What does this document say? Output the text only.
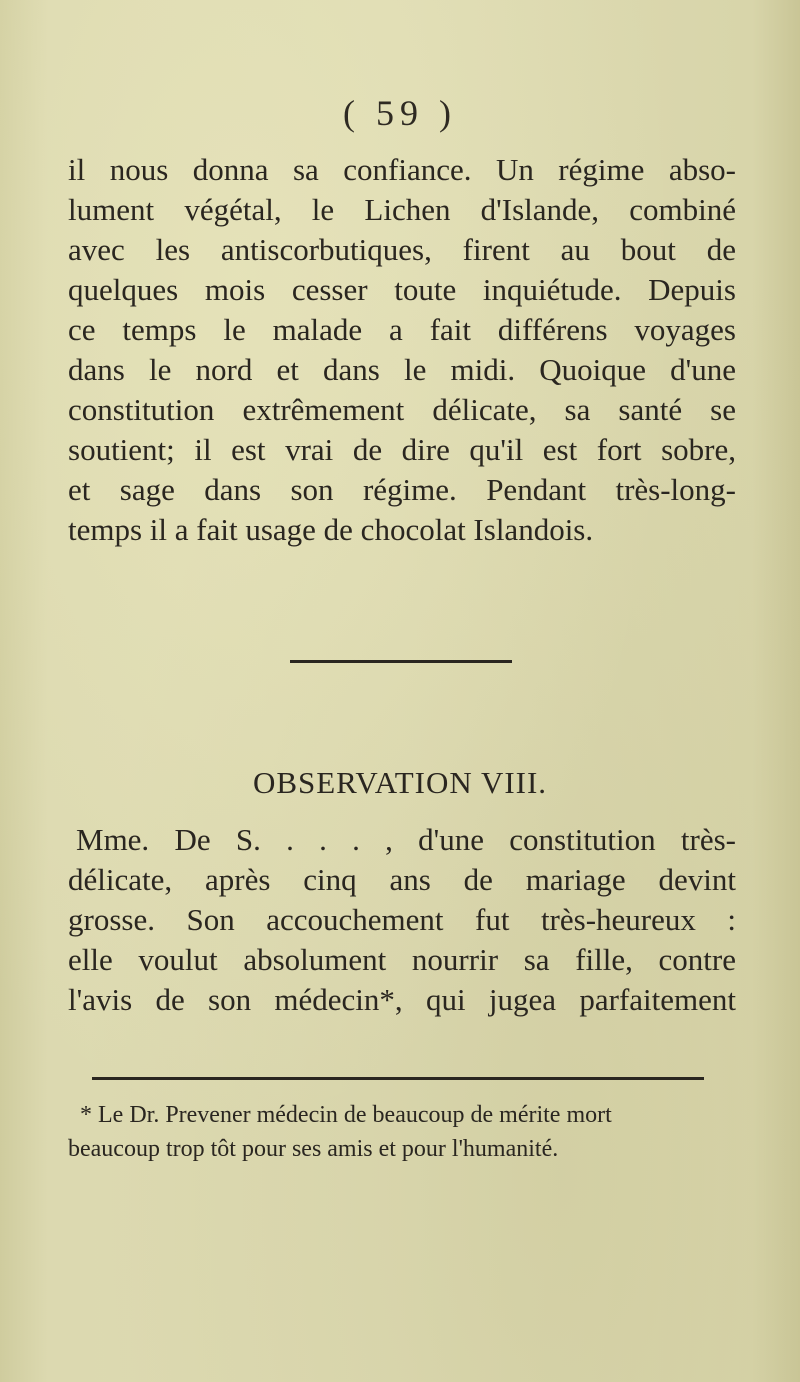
( 59 )

il nous donna sa confiance. Un régime abso-
lument végétal, le Lichen d'Islande, combiné
avec les antiscorbutiques, firent au bout de
quelques mois cesser toute inquiétude. Depuis
ce temps le malade a fait différens voyages
dans le nord et dans le midi. Quoique d'une
constitution extrêmement délicate, sa santé se
soutient; il est vrai de dire qu'il est fort sobre,
et sage dans son régime. Pendant très-long-
temps il a fait usage de chocolat Islandois.

OBSERVATION VIII.

Mme. De S. . . . , d'une constitution très-
délicate, après cinq ans de mariage devint
grosse. Son accouchement fut très-heureux :
elle voulut absolument nourrir sa fille, contre
l'avis de son médecin*, qui jugea parfaitement

* Le Dr. Prevener médecin de beaucoup de mérite mort
beaucoup trop tôt pour ses amis et pour l'humanité.
